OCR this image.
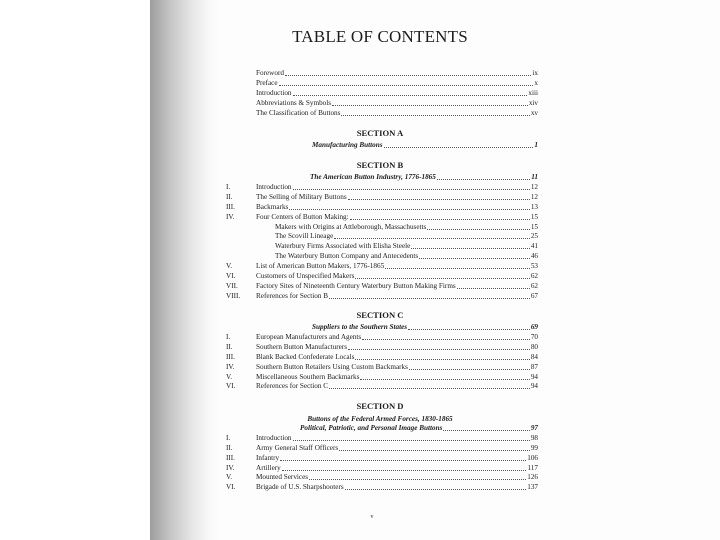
TABLE OF CONTENTS
Foreword	ix
Preface	x
Introduction	xiii
Abbreviations & Symbols	xiv
The Classification of Buttons	xv
SECTION A
Manufacturing Buttons	1
SECTION B
The American Button Industry, 1776-1865	11
I.	Introduction	12
II.	The Selling of Military Buttons	12
III.	Backmarks	13
IV.	Four Centers of Button Making:	15
Makers with Origins at Attleborough, Massachusetts	15
The Scovill Lineage	25
Waterbury Firms Associated with Elisha Steele	41
The Waterbury Button Company and Antecedents	46
V.	List of American Button Makers, 1776-1865	53
VI.	Customers of Unspecified Makers	62
VII.	Factory Sites of Nineteenth Century Waterbury Button Making Firms	62
VIII. References for Section B	67
SECTION C
Suppliers to the Southern States	69
I.	European Manufacturers and Agents	70
II.	Southern Button Manufacturers	80
III.	Blank Backed Confederate Locals	84
IV.	Southern Button Retailers Using Custom Backmarks	87
V.	Miscellaneous Southern Backmarks	94
VI.	References for Section C	94
SECTION D
Buttons of the Federal Armed Forces, 1830-1865
Political, Patriotic, and Personal Image Buttons	97
I.	Introduction	98
II.	Army General Staff Officers	99
III.	Infantry	106
IV.	Artillery	117
V.	Mounted Services	126
VI.	Brigade of U.S. Sharpshooters	137
v
